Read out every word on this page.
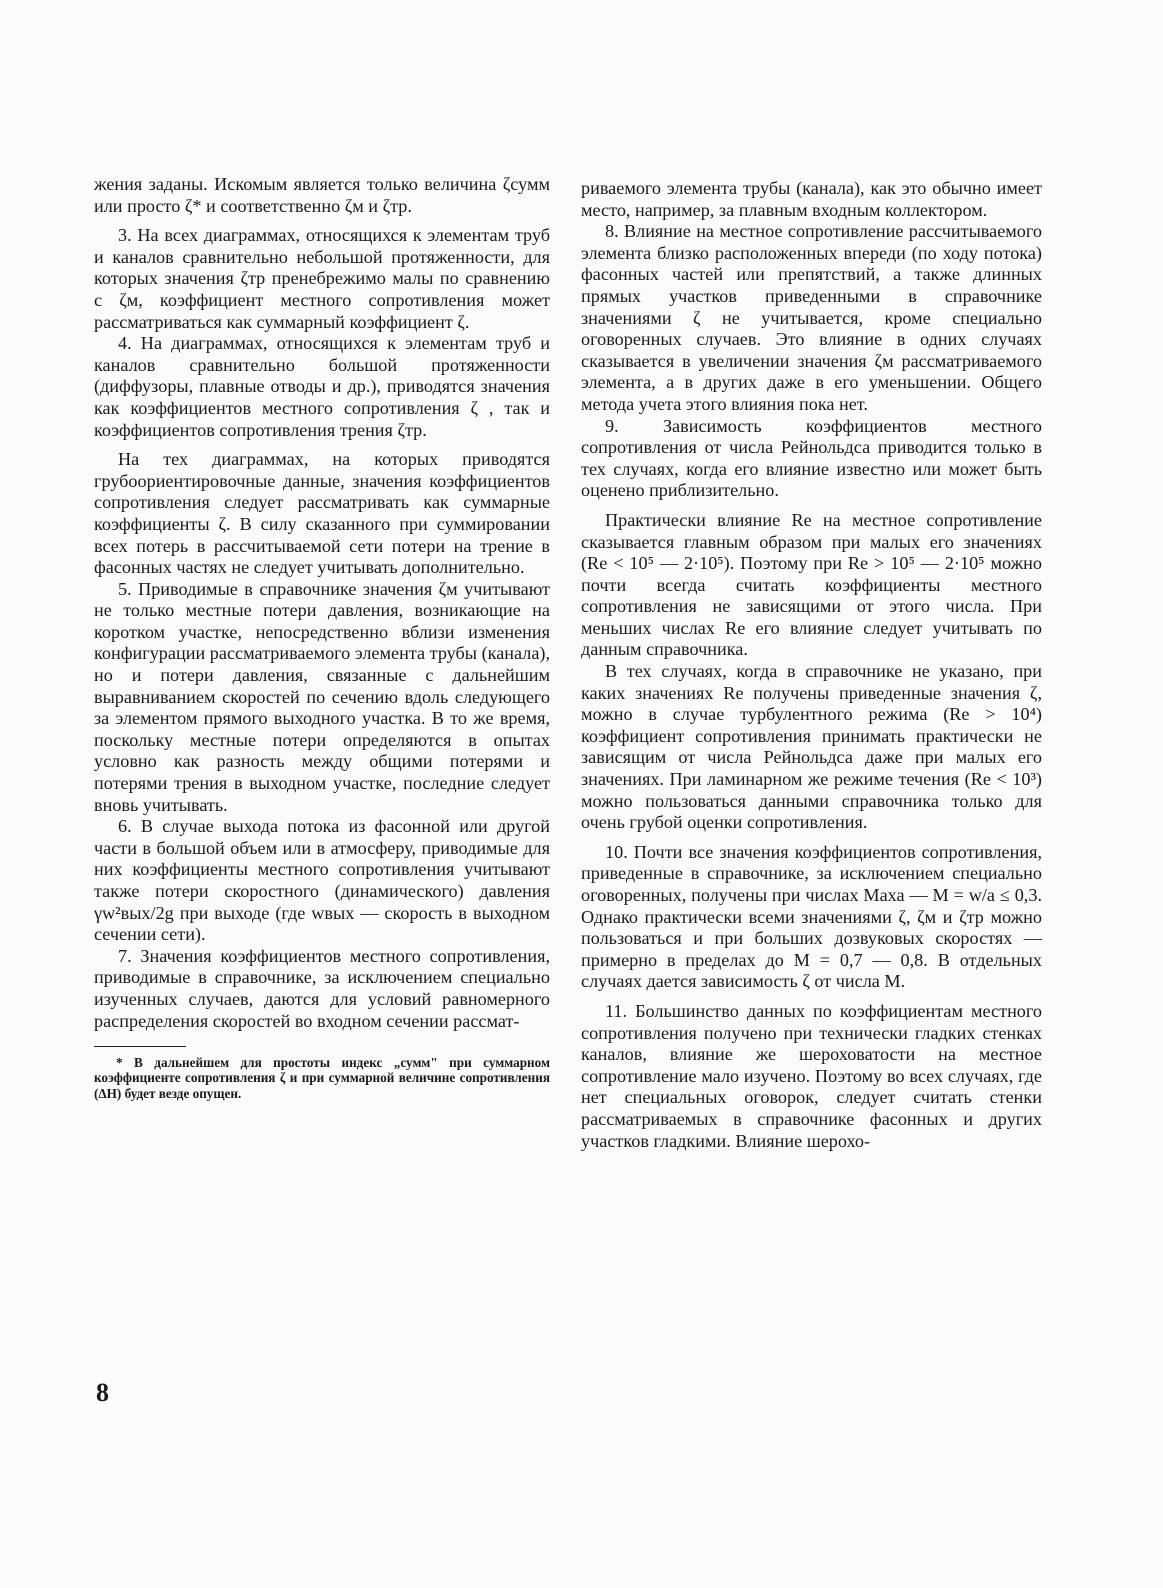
жения заданы. Искомым является только величина ζсумм или просто ζ* и соответственно ζм и ζтр.

3. На всех диаграммах, относящихся к элементам труб и каналов сравнительно небольшой протяженности, для которых значения ζтр пренебрежимо малы по сравнению с ζм, коэффициент местного сопротивления может рассматриваться как суммарный коэффициент ζ.

4. На диаграммах, относящихся к элементам труб и каналов сравнительно большой протяженности (диффузоры, плавные отводы и др.), приводятся значения как коэффициентов местного сопротивления ζ , так и коэффициентов сопротивления трения ζтр.

На тех диаграммах, на которых приводятся грубоориентировочные данные, значения коэффициентов сопротивления следует рассматривать как суммарные коэффициенты ζ. В силу сказанного при суммировании всех потерь в рассчитываемой сети потери на трение в фасонных частях не следует учитывать дополнительно.

5. Приводимые в справочнике значения ζм учитывают не только местные потери давления, возникающие на коротком участке, непосредственно вблизи изменения конфигурации рассматриваемого элемента трубы (канала), но и потери давления, связанные с дальнейшим выравниванием скоростей по сечению вдоль следующего за элементом прямого выходного участка. В то же время, поскольку местные потери определяются в опытах условно как разность между общими потерями и потерями трения в выходном участке, последние следует вновь учитывать.

6. В случае выхода потока из фасонной или другой части в большой объем или в атмосферу, приводимые для них коэффициенты местного сопротивления учитывают также потери скоростного (динамического) давления γw²вых/2g при выходе (где wвых — скорость в выходном сечении сети).

7. Значения коэффициентов местного сопротивления, приводимые в справочнике, за исключением специально изученных случаев, даются для условий равномерного распределения скоростей во входном сечении рассмат-

* В дальнейшем для простоты индекс „сумм" при суммарном коэффициенте сопротивления ζ и при суммарной величине сопротивления (ΔH) будет везде опущен.

риваемого элемента трубы (канала), как это обычно имеет место, например, за плавным входным коллектором.

8. Влияние на местное сопротивление рассчитываемого элемента близко расположенных впереди (по ходу потока) фасонных частей или препятствий, а также длинных прямых участков приведенными в справочнике значениями ζ не учитывается, кроме специально оговоренных случаев. Это влияние в одних случаях сказывается в увеличении значения ζм рассматриваемого элемента, а в других даже в его уменьшении. Общего метода учета этого влияния пока нет.

9. Зависимость коэффициентов местного сопротивления от числа Рейнольдса приводится только в тех случаях, когда его влияние известно или может быть оценено приблизительно.

Практически влияние Re на местное сопротивление сказывается главным образом при малых его значениях (Re < 10⁵ — 2·10⁵). Поэтому при Re > 10⁵ — 2·10⁵ можно почти всегда считать коэффициенты местного сопротивления не зависящими от этого числа. При меньших числах Re его влияние следует учитывать по данным справочника.

В тех случаях, когда в справочнике не указано, при каких значениях Re получены приведенные значения ζ, можно в случае турбулентного режима (Re > 10⁴) коэффициент сопротивления принимать практически не зависящим от числа Рейнольдса даже при малых его значениях. При ламинарном же режиме течения (Re < 10³) можно пользоваться данными справочника только для очень грубой оценки сопротивления.

10. Почти все значения коэффициентов сопротивления, приведенные в справочнике, за исключением специально оговоренных, получены при числах Маха — M = w/a ≤ 0,3. Однако практически всеми значениями ζ, ζм и ζтр можно пользоваться и при больших дозвуковых скоростях — примерно в пределах до M = 0,7 — 0,8. В отдельных случаях дается зависимость ζ от числа M.

11. Большинство данных по коэффициентам местного сопротивления получено при технически гладких стенках каналов, влияние же шероховатости на местное сопротивление мало изучено. Поэтому во всех случаях, где нет специальных оговорок, следует считать стенки рассматриваемых в справочнике фасонных и других участков гладкими. Влияние шерохо-

8
